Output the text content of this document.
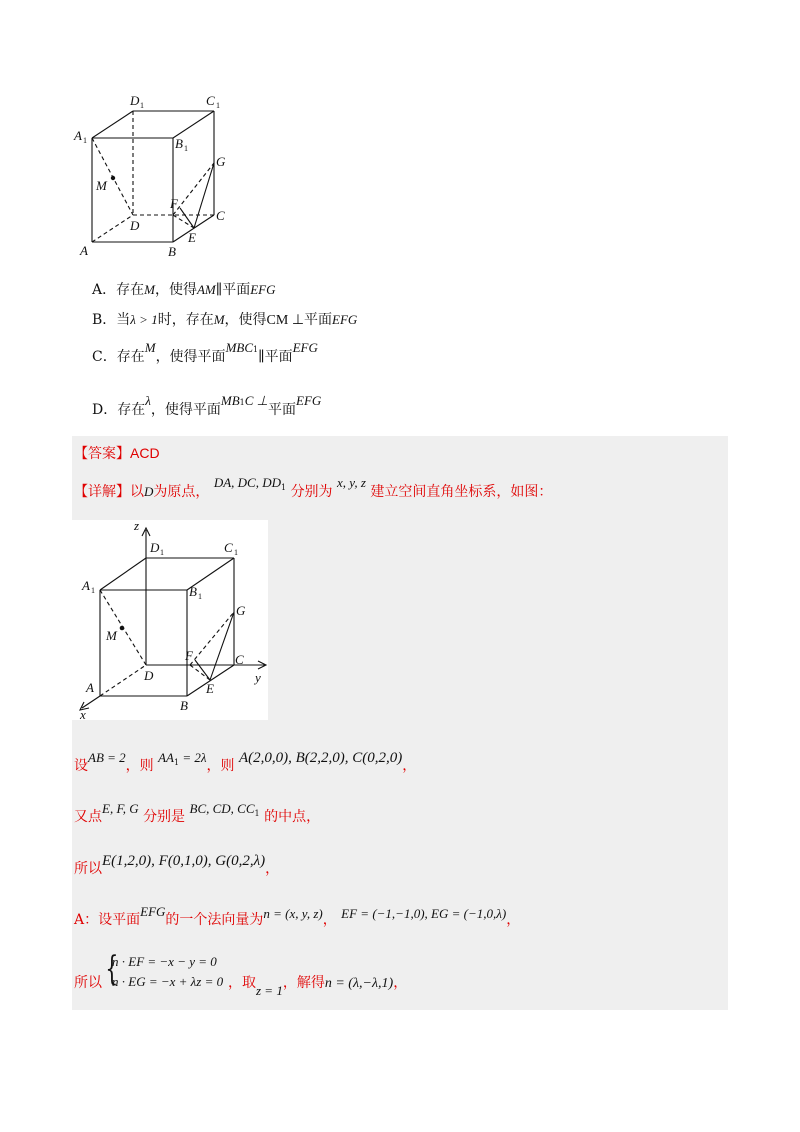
D 1	C 1
A 1	B 1
G
M
F
C
D
E
A	B
A．存在M，使得AM∥平面EFG
B．当λ > 1时，存在M，使得CM ⊥平面EFG
C．存在M，使得平面MBC$^1$∥平面EFG
D．存在λ，使得平面$MB^1C$ ⊥平面EFG
【答案】ACD
【详解】以D为原点， DA, DC, $DD^1$ 分别为 x, y, z 建立空间直角坐标系，如图：
z
D 1	C 1
A 1	B 1
G
M
F	C
D	y
E
A
B
x
设AB = 2，则 $AA^1 = 2\lambda$，则 A(2,0,0), B(2,2,0), C(0,2,0)，
又点E, F, G 分别是 BC, CD, $CC^1$ 的中点，
所以E(1,2,0), F(0,1,0), G(0,2,λ)，
A：设平面EFG的一个法向量为n = (x, y, z)， EF = (−1,−1,0), EG = (−1,0,λ)，
所以 {
n · EF = −x − y = 0
n · EG = −x + λz = 0 ，取z = 1，解得n = (λ,−λ,1)，
